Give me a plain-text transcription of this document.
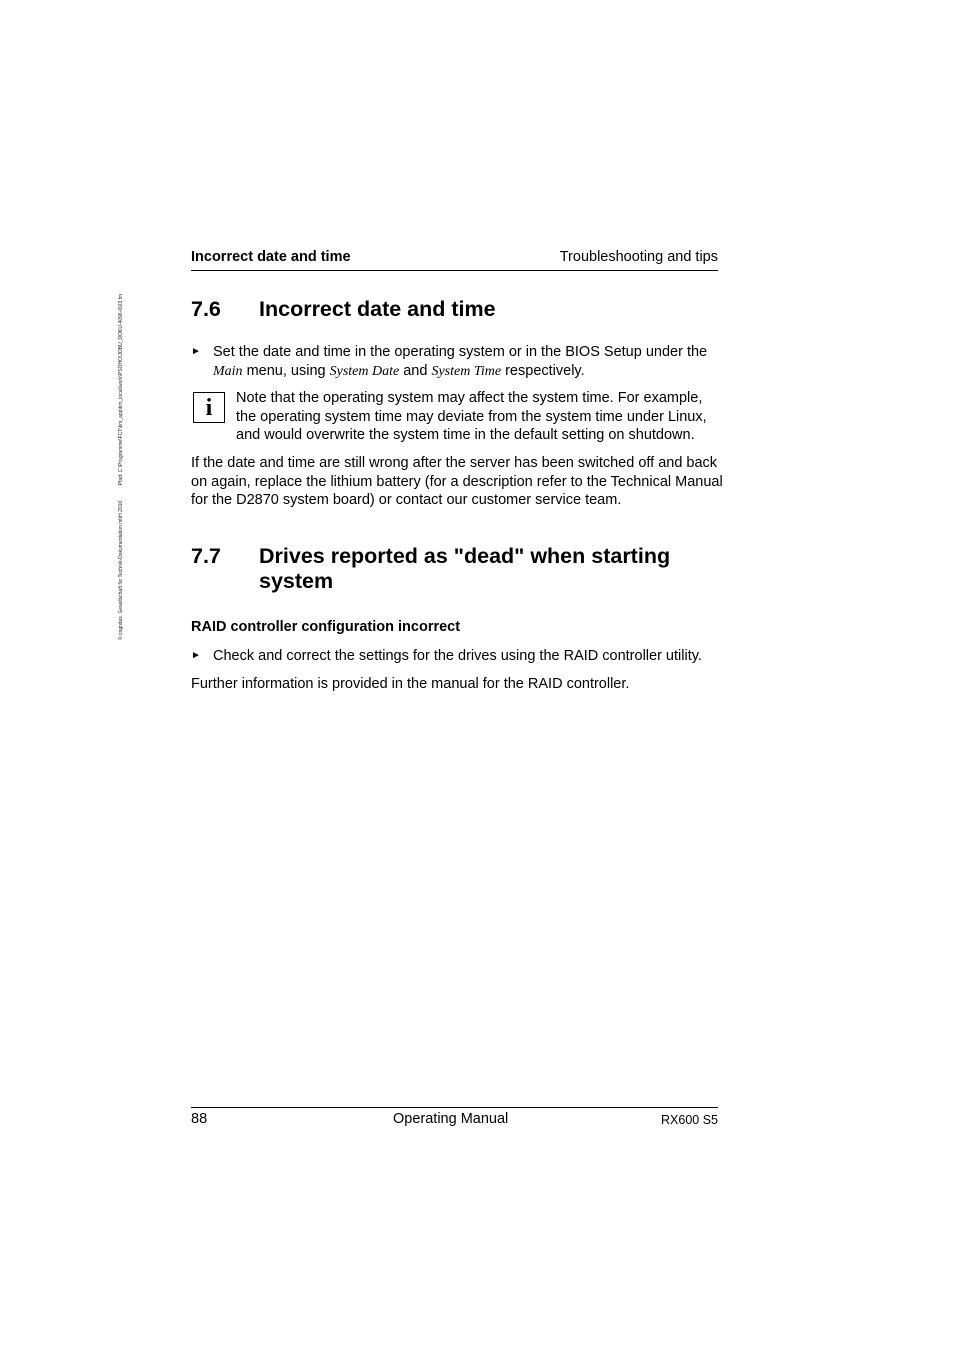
© cognitas. Gesellschaft für Technik-Dokumentation mbH 2010 Pfad: C:\Programme\FCT\tim_app\tim_local\work\PSOHO\JOBU_DOKU-4096-0\03.fm
Incorrect date and time	Troubleshooting and tips
7.6 Incorrect date and time
► Set the date and time in the operating system or in the BIOS Setup under the Main menu, using System Date and System Time respectively.
i	Note that the operating system may affect the system time. For example, the operating system time may deviate from the system time under Linux, and would overwrite the system time in the default setting on shutdown.
If the date and time are still wrong after the server has been switched off and back on again, replace the lithium battery (for a description refer to the Technical Manual for the D2870 system board) or contact our customer service team.
7.7 Drives reported as "dead" when starting system
RAID controller configuration incorrect
► Check and correct the settings for the drives using the RAID controller utility.
Further information is provided in the manual for the RAID controller.
88	Operating Manual	RX600 S5
